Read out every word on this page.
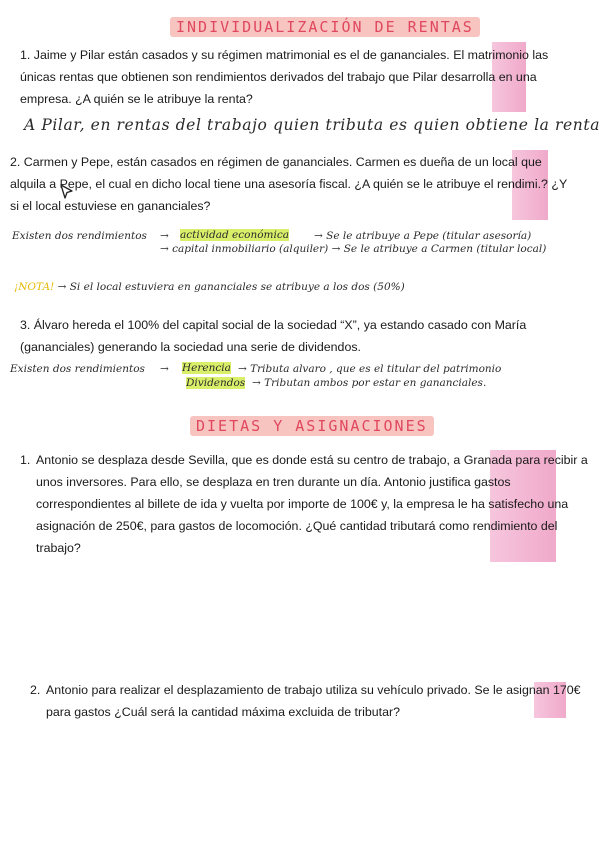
INDIVIDUALIZACIÓN DE RENTAS
1. Jaime y Pilar están casados y su régimen matrimonial es el de gananciales. El matrimonio las
únicas rentas que obtienen son rendimientos derivados del trabajo que Pilar desarrolla en una
empresa. ¿A quién se le atribuye la renta?
A Pilar, en rentas del trabajo quien tributa es quien obtiene la renta
2. Carmen y Pepe, están casados en régimen de gananciales. Carmen es dueña de un local que
alquila a Pepe, el cual en dicho local tiene una asesoría fiscal. ¿A quién se le atribuye el rendimi.? ¿Y
si el local estuviese en gananciales?
Existen dos rendimientos → actividad económica → Se le atribuye a Pepe (titular asesoría)
→ capital inmobiliario (alquiler) → Se le atribuye a Carmen (titular local)
¡NOTA! → Si el local estuviera en gananciales se atribuye a los dos (50%)
3. Álvaro hereda el 100% del capital social de la sociedad “X”, ya estando casado con María
(gananciales) generando la sociedad una serie de dividendos.
Existen dos rendimientos → Herencia → Tributa alvaro , que es el titular del patrimonio
Dividendos → Tributan ambos por estar en gananciales.
DIETAS Y ASIGNACIONES
1. Antonio se desplaza desde Sevilla, que es donde está su centro de trabajo, a Granada para recibir a
unos inversores. Para ello, se desplaza en tren durante un día. Antonio justifica gastos
correspondientes al billete de ida y vuelta por importe de 100€ y, la empresa le ha satisfecho una
asignación de 250€, para gastos de locomoción. ¿Qué cantidad tributará como rendimiento del
trabajo?
2. Antonio para realizar el desplazamiento de trabajo utiliza su vehículo privado. Se le asignan 170€
para gastos ¿Cuál será la cantidad máxima excluida de tributar?
